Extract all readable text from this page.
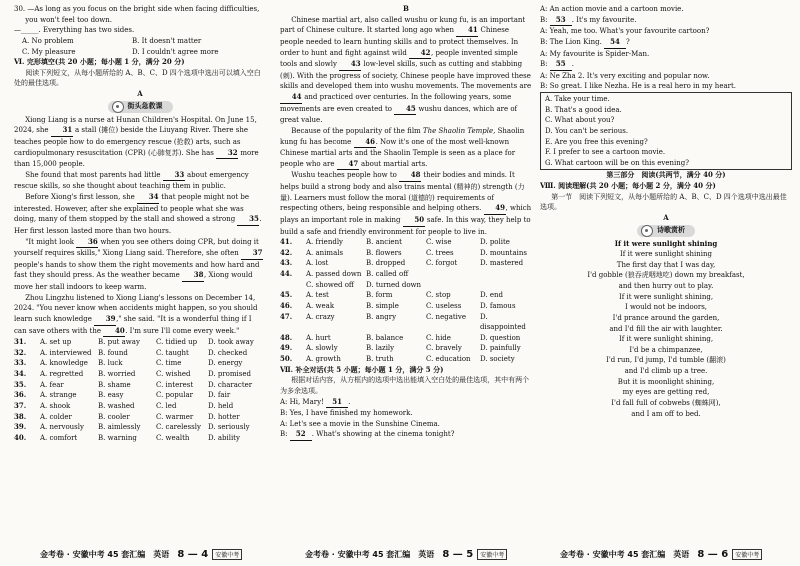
30. —As long as you focus on the bright side when facing difficulties,

you won't feel too down.

—_____. Everything has two sides.

A. No problem	B. It doesn't matter
C. My pleasure	D. I couldn't agree more

Ⅵ. 完形填空(共 20 小题；每小题 1 分，满分 20 分)

阅读下列短文，从每小题所给的 A、B、C、D 四个选项中选出可以填入空白处的最佳选项。

A

街头急救课

Xiong Liang is a nurse at Hunan Children's Hospital. On June 15, 2024, she 31 a stall (摊位) beside the Liuyang River. There she teaches people how to do emergency rescue (抢救) arts, such as cardiopulmonary resuscitation (CPR) (心肺复苏). She has 32 more than 15,000 people.

She found that most parents had little 33 about emergency rescue skills, so she thought about teaching them in public.

Before Xiong's first lesson, she 34 that people might not be interested. However, after she explained to people what she was doing, many of them stopped by the stall and showed a strong 35. Her first lesson lasted more than two hours.

"It might look 36 when you see others doing CPR, but doing it yourself requires skills," Xiong Liang said. Therefore, she often 37 people's hands to show them the right movements and how hard and fast they should press. As the weather became 38, Xiong would move her stall indoors to keep warm.

Zhou Lingzhu listened to Xiong Liang's lessons on December 14, 2024. "You never know when accidents might happen, so you should learn such knowledge 39," she said. "It is a wonderful thing if I can save others with the 40. I'm sure I'll come every week."

31.	A. set up	B. put away	C. tidied up	D. took away
32.	A. interviewed B. found	C. taught	D. checked
33.	A. knowledge	B. luck	C. time	D. energy
34.	A. regretted	B. worried	C. wished	D. promised
35.	A. fear	B. shame	C. interest	D. character
36.	A. strange	B. easy	C. popular	D. fair
37.	A. shook	B. washed	C. led	D. held
38.	A. colder	B. cooler	C. warmer	D. hotter
39.	A. nervously	B. aimlessly	C. carelessly	D. seriously
40.	A. comfort	B. warning	C. wealth	D. ability

B

Chinese martial art, also called wushu or kung fu, is an important part of Chinese culture. It started long ago when 41 Chinese people needed to learn hunting skills and to protect themselves. In order to hunt and fight against wild 42, people invented simple tools and slowly 43 low-level skills, such as cutting and stabbing (刺). With the progress of society, Chinese people have improved these skills and developed them into wushu movements. The movements are 44 and practiced over centuries. In the following years, some movements are even created to 45 wushu dances, which are of great value.

Because of the popularity of the film The Shaolin Temple, Shaolin kung fu has become 46. Now it's one of the most well-known Chinese martial arts and the Shaolin Temple is seen as a place for people who are 47 about martial arts.

Wushu teaches people how to 48 their bodies and minds. It helps build a strong body and also trains mental (精神的) strength (力量). Learners must follow the moral (道德的) requirements of respecting others, being responsible and helping others. 49, which plays an important role in making 50 safe. In this way, they help to build a safe and friendly environment for people to live in.

41.	A. friendly	B. ancient	C. wise	D. polite
42.	A. animals	B. flowers	C. trees	D. mountains
43.	A. lost	B. dropped	C. forgot	D. mastered
44.	A. passed down B. called off
C. showed off	D. turned down
45.	A. test	B. form	C. stop	D. end
46.	A. weak	B. simple	C. useless	D. famous
47.	A. crazy	B. angry	C. negative	D. disappointed
48.	A. hurt	B. balance	C. hide	D. question
49.	A. slowly	B. lazily	C. bravely	D. painfully
50.	A. growth	B. truth	C. education	D. society

Ⅶ. 补全对话(共 5 小题；每小题 1 分，满分 5 分)

根据对话内容，从方框内的选项中选出能填入空白处的最佳选项，其中有两个为多余选项。

A: Hi, Mary! 51 .

B: Yes, I have finished my homework.

A: Let's see a movie in the Sunshine Cinema.

B: 52 . What's showing at the cinema tonight?

A: An action movie and a cartoon movie.

B: 53 . It's my favourite.

A: Yeah, me too. What's your favourite cartoon?

B: The Lion King. 54 ?

A: My favourite is Spider-Man.

B: 55 .

A: Ne Zha 2. It's very exciting and popular now.

B: So great. I like Nezha. He is a real hero in my heart.

A. Take your time.

B. That's a good idea.

C. What about you?

D. You can't be serious.

E. Are you free this evening?

F. I prefer to see a cartoon movie.

G. What cartoon will be on this evening?

第三部分　阅读(共两节，满分 40 分)

Ⅷ. 阅读理解(共 20 小题；每小题 2 分，满分 40 分)

第一节　阅读下列短文，从每小题所给的 A、B、C、D 四个选项中选出最佳选项。

A

诗歌赏析

If it were sunlight shining

If it were sunlight shining

The first day that I was day,

I'd gobble (狼吞虎咽地吃) down my breakfast,

and then hurry out to play.

If it were sunlight shining,

I would not be indoors,

I'd prance around the garden,

and I'd fill the air with laughter.

If it were sunlight shining,

I'd be a chimpanzee,

I'd run, I'd jump, I'd tumble (翻滚)

and I'd climb up a tree.

But it is moonlight shining,

my eyes are getting red,

I'd fall full of cobwebs (蜘蛛网),

and I am off to bed.

金考卷 · 安徽中考 45 套汇编　英语 8 — 4	安徽中考	金考卷 · 安徽中考 45 套汇编　英语 8 — 5	安徽中考	金考卷 · 安徽中考 45 套汇编　英语 8 — 6	安徽中考
